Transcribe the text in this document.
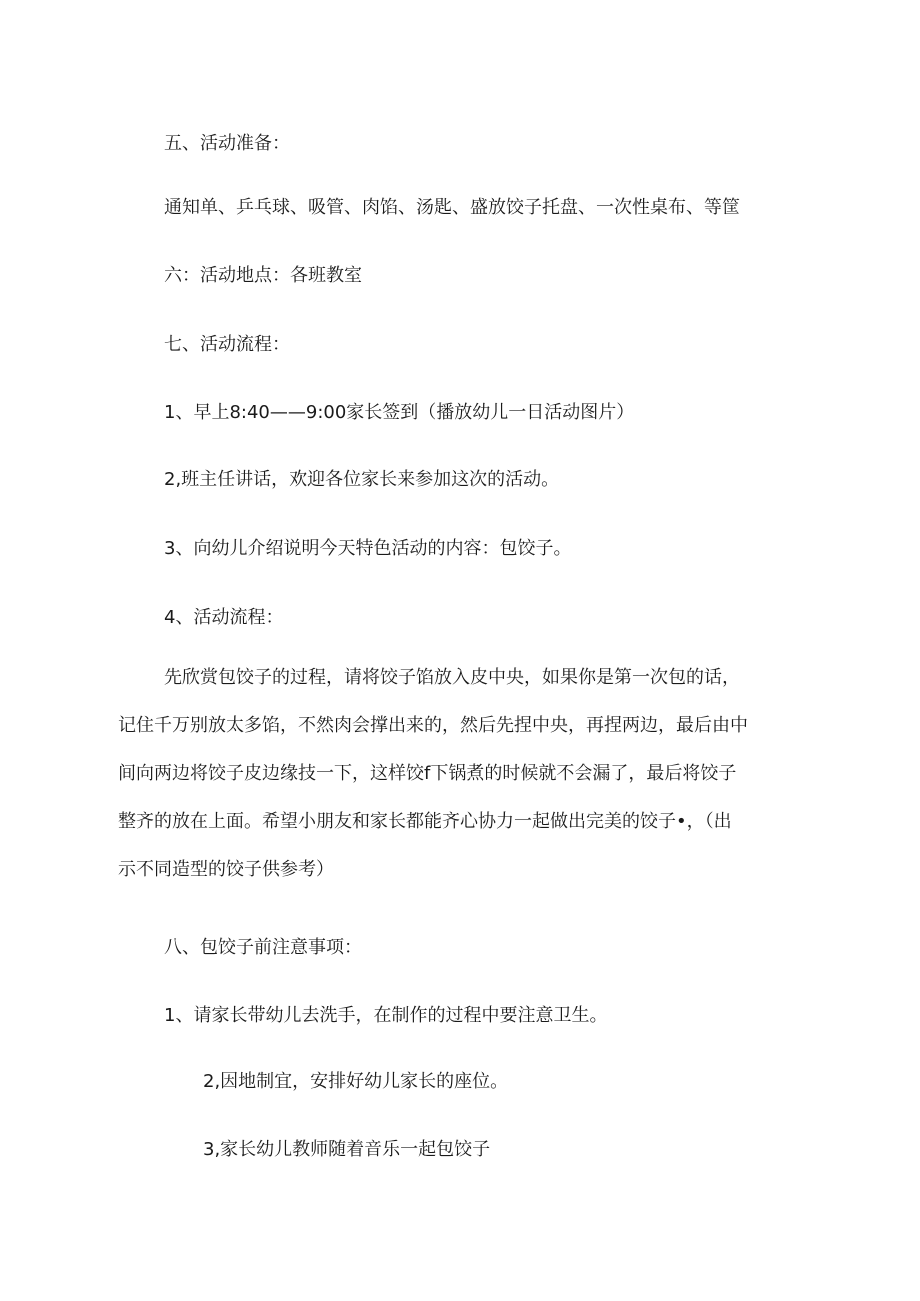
五、活动准备：

通知单、乒乓球、吸管、肉馅、汤匙、盛放饺子托盘、一次性桌布、等筐

六：活动地点：各班教室

七、活动流程：

1、早上8:40——9:00家长签到（播放幼儿一日活动图片）

2,班主任讲话，欢迎各位家长来参加这次的活动。

3、向幼儿介绍说明今天特色活动的内容：包饺子。

4、活动流程：

先欣赏包饺子的过程，请将饺子馅放入皮中央，如果你是第一次包的话，

记住千万别放太多馅，不然肉会撑出来的，然后先捏中央，再捏两边，最后由中

间向两边将饺子皮边缘技一下，这样饺f下锅煮的时候就不会漏了，最后将饺子

整齐的放在上面。希望小朋友和家长都能齐心协力一起做出完美的饺子•，（出

示不同造型的饺子供参考）

八、包饺子前注意事项：

1、请家长带幼儿去洗手，在制作的过程中要注意卫生。

2,因地制宜，安排好幼儿家长的座位。

3,家长幼儿教师随着音乐一起包饺子
